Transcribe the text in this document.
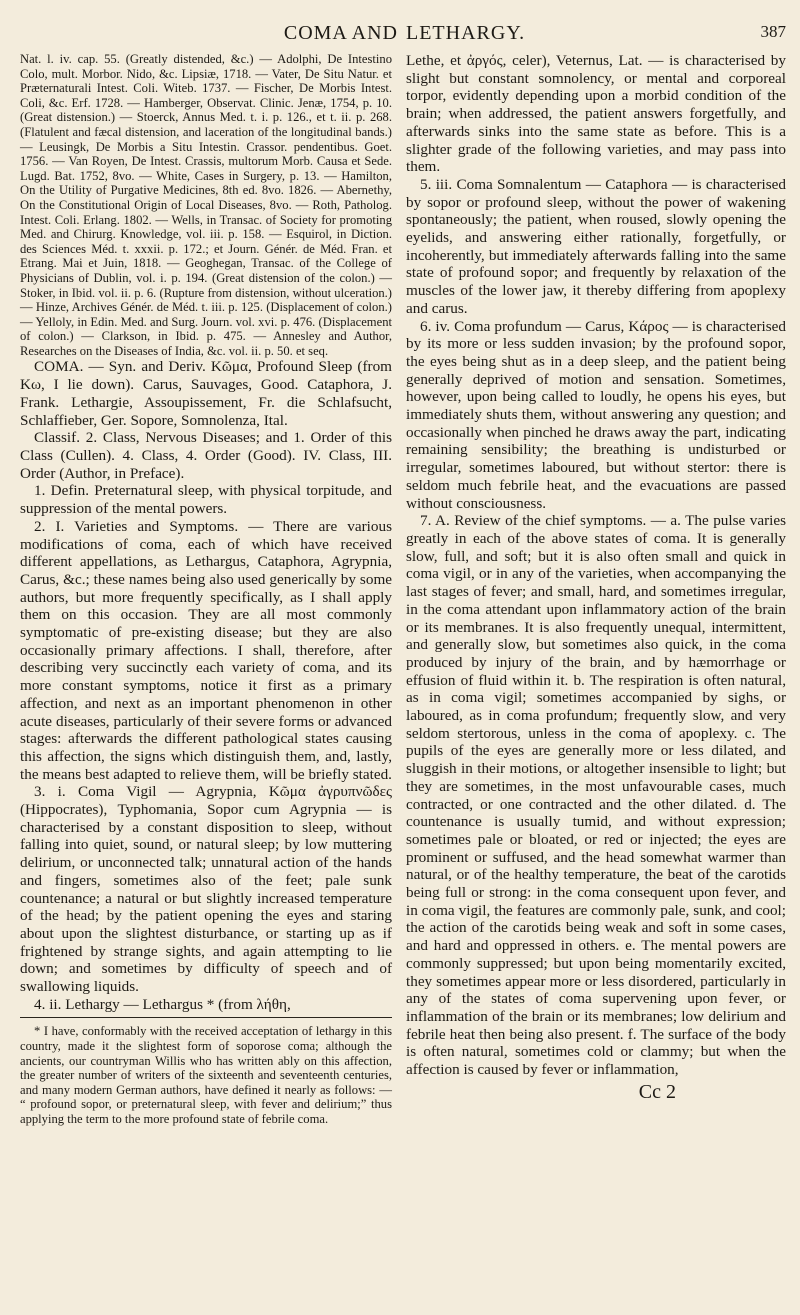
COMA AND LETHARGY.	387

Nat. l. iv. cap. 55. (Greatly distended, &c.) — Adolphi, De Intestino Colo, mult. Morbor. Nido, &c. Lipsiæ, 1718. — Vater, De Situ Natur. et Præternaturali Intest. Coli. Witeb. 1737. — Fischer, De Morbis Intest. Coli, &c. Erf. 1728. — Hamberger, Observat. Clinic. Jenæ, 1754, p. 10. (Great distension.) — Stoerck, Annus Med. t. i. p. 126., et t. ii. p. 268. (Flatulent and fæcal distension, and laceration of the longitudinal bands.) — Leusingk, De Morbis a Situ Intestin. Crassor. pendentibus. Goet. 1756. — Van Royen, De Intest. Crassis, multorum Morb. Causa et Sede. Lugd. Bat. 1752, 8vo. — White, Cases in Surgery, p. 13. — Hamilton, On the Utility of Purgative Medicines, 8th ed. 8vo. 1826. — Abernethy, On the Constitutional Origin of Local Diseases, 8vo. — Roth, Patholog. Intest. Coli. Erlang. 1802. — Wells, in Transac. of Society for promoting Med. and Chirurg. Knowledge, vol. iii. p. 158. — Esquirol, in Diction. des Sciences Méd. t. xxxii. p. 172.; et Journ. Génér. de Méd. Fran. et Etrang. Mai et Juin, 1818. — Geoghegan, Transac. of the College of Physicians of Dublin, vol. i. p. 194. (Great distension of the colon.) — Stoker, in Ibid. vol. ii. p. 6. (Rupture from distension, without ulceration.) — Hinze, Archives Génér. de Méd. t. iii. p. 125. (Displacement of colon.) — Yelloly, in Edin. Med. and Surg. Journ. vol. xvi. p. 476. (Displacement of colon.) — Clarkson, in Ibid. p. 475. — Annesley and Author, Researches on the Diseases of India, &c. vol. ii. p. 50. et seq.

COMA. — Syn. and Deriv. Kῶμα, Profound Sleep (from Kω, I lie down). Carus, Sauvages, Good. Cataphora, J. Frank. Lethargie, Assoupissement, Fr. die Schlafsucht, Schlaffieber, Ger. Sopore, Somnolenza, Ital.

Classif. 2. Class, Nervous Diseases; and 1. Order of this Class (Cullen). 4. Class, 4. Order (Good). IV. Class, III. Order (Author, in Preface).

1. Defin. Preternatural sleep, with physical torpitude, and suppression of the mental powers.

2. I. Varieties and Symptoms. — There are various modifications of coma, each of which have received different appellations, as Lethargus, Cataphora, Agrypnia, Carus, &c.; these names being also used generically by some authors, but more frequently specifically, as I shall apply them on this occasion. They are all most commonly symptomatic of pre-existing disease; but they are also occasionally primary affections. I shall, therefore, after describing very succinctly each variety of coma, and its more constant symptoms, notice it first as a primary affection, and next as an important phenomenon in other acute diseases, particularly of their severe forms or advanced stages: afterwards the different pathological states causing this affection, the signs which distinguish them, and, lastly, the means best adapted to relieve them, will be briefly stated.

3. i. Coma Vigil — Agrypnia, Kῶμα ἀγρυπνῶδες (Hippocrates), Typhomania, Sopor cum Agrypnia — is characterised by a constant disposition to sleep, without falling into quiet, sound, or natural sleep; by low muttering delirium, or unconnected talk; unnatural action of the hands and fingers, sometimes also of the feet; pale sunk countenance; a natural or but slightly increased temperature of the head; by the patient opening the eyes and staring about upon the slightest disturbance, or starting up as if frightened by strange sights, and again attempting to lie down; and sometimes by difficulty of speech and of swallowing liquids.

4. ii. Lethargy — Lethargus * (from λήθη,

* I have, conformably with the received acceptation of lethargy in this country, made it the slightest form of soporose coma; although the ancients, our countryman Willis who has written ably on this affection, the greater number of writers of the sixteenth and seventeenth centuries, and many modern German authors, have defined it nearly as follows: — “ profound sopor, or preternatural sleep, with fever and delirium;” thus applying the term to the more profound state of febrile coma.

Lethe, et ἀργός, celer), Veternus, Lat. — is characterised by slight but constant somnolency, or mental and corporeal torpor, evidently depending upon a morbid condition of the brain; when addressed, the patient answers forgetfully, and afterwards sinks into the same state as before. This is a slighter grade of the following varieties, and may pass into them.

5. iii. Coma Somnalentum — Cataphora — is characterised by sopor or profound sleep, without the power of wakening spontaneously; the patient, when roused, slowly opening the eyelids, and answering either rationally, forgetfully, or incoherently, but immediately afterwards falling into the same state of profound sopor; and frequently by relaxation of the muscles of the lower jaw, it thereby differing from apoplexy and carus.

6. iv. Coma profundum — Carus, Kάρος — is characterised by its more or less sudden invasion; by the profound sopor, the eyes being shut as in a deep sleep, and the patient being generally deprived of motion and sensation. Sometimes, however, upon being called to loudly, he opens his eyes, but immediately shuts them, without answering any question; and occasionally when pinched he draws away the part, indicating remaining sensibility; the breathing is undisturbed or irregular, sometimes laboured, but without stertor: there is seldom much febrile heat, and the evacuations are passed without consciousness.

7. A. Review of the chief symptoms. — a. The pulse varies greatly in each of the above states of coma. It is generally slow, full, and soft; but it is also often small and quick in coma vigil, or in any of the varieties, when accompanying the last stages of fever; and small, hard, and sometimes irregular, in the coma attendant upon inflammatory action of the brain or its membranes. It is also frequently unequal, intermittent, and generally slow, but sometimes also quick, in the coma produced by injury of the brain, and by hæmorrhage or effusion of fluid within it. b. The respiration is often natural, as in coma vigil; sometimes accompanied by sighs, or laboured, as in coma profundum; frequently slow, and very seldom stertorous, unless in the coma of apoplexy. c. The pupils of the eyes are generally more or less dilated, and sluggish in their motions, or altogether insensible to light; but they are sometimes, in the most unfavourable cases, much contracted, or one contracted and the other dilated. d. The countenance is usually tumid, and without expression; sometimes pale or bloated, or red or injected; the eyes are prominent or suffused, and the head somewhat warmer than natural, or of the healthy temperature, the beat of the carotids being full or strong: in the coma consequent upon fever, and in coma vigil, the features are commonly pale, sunk, and cool; the action of the carotids being weak and soft in some cases, and hard and oppressed in others. e. The mental powers are commonly suppressed; but upon being momentarily excited, they sometimes appear more or less disordered, particularly in any of the states of coma supervening upon fever, or inflammation of the brain or its membranes; low delirium and febrile heat then being also present. f. The surface of the body is often natural, sometimes cold or clammy; but when the affection is caused by fever or inflammation,

Cc 2
